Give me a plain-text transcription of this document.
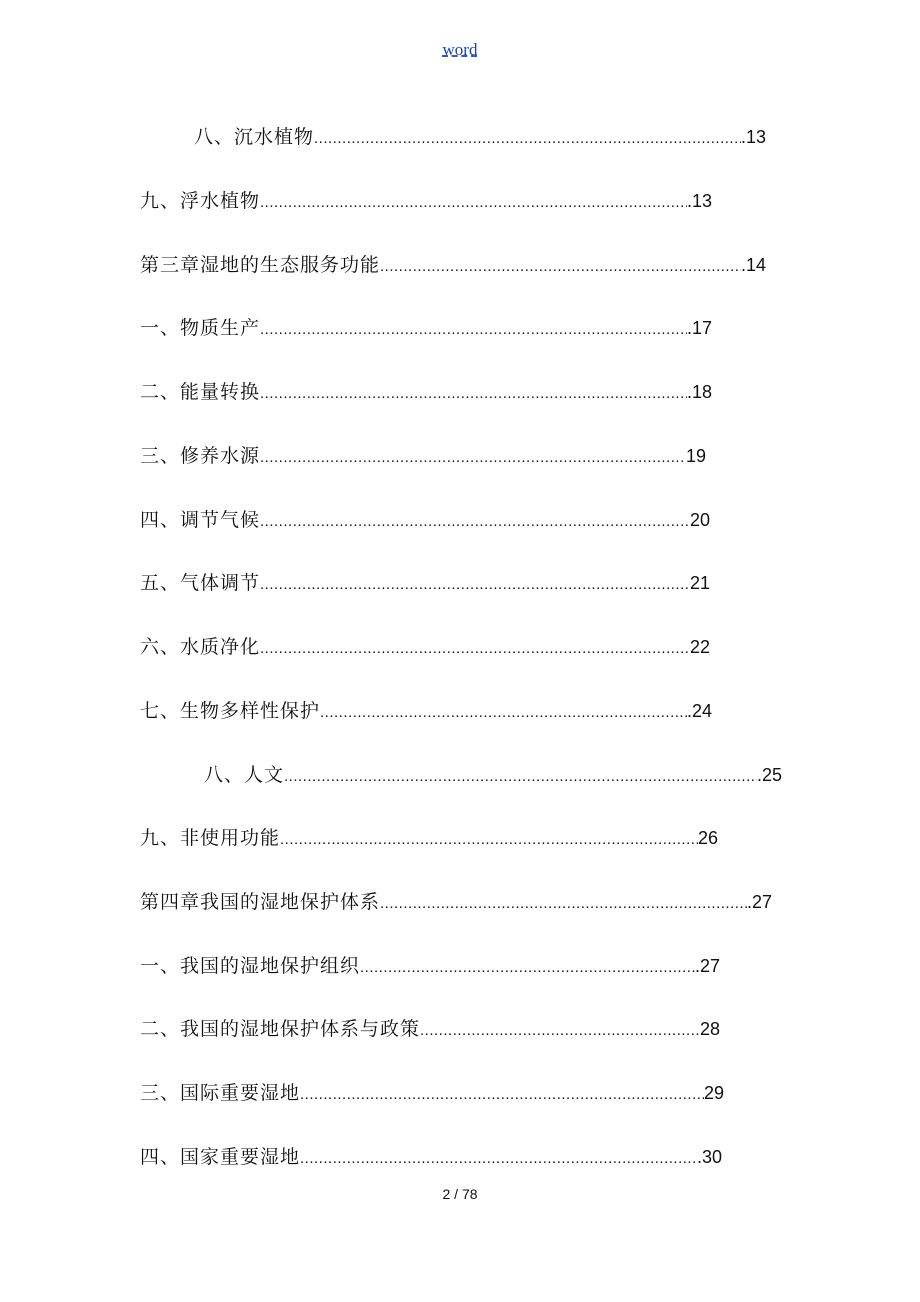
word
八、沉水植物 .....	.13
九、浮水植物 .....	.13
第三章湿地的生态服务功能 .....	.14
一、物质生产 .....	.17
二、能量转换 .....	.18
三、修养水源 .....	19
四、调节气候 .....	20
五、气体调节 .....	21
六、水质净化 .....	22
七、生物多样性保护 .....	.24
八、人文 .....	.25
九、非使用功能 .....	26
第四章我国的湿地保护体系 .....	.27
一、我国的湿地保护组织 .....	.27
二、我国的湿地保护体系与政策 .....	28
三、国际重要湿地 .....	29
四、国家重要湿地 .....	.30
2 / 78
